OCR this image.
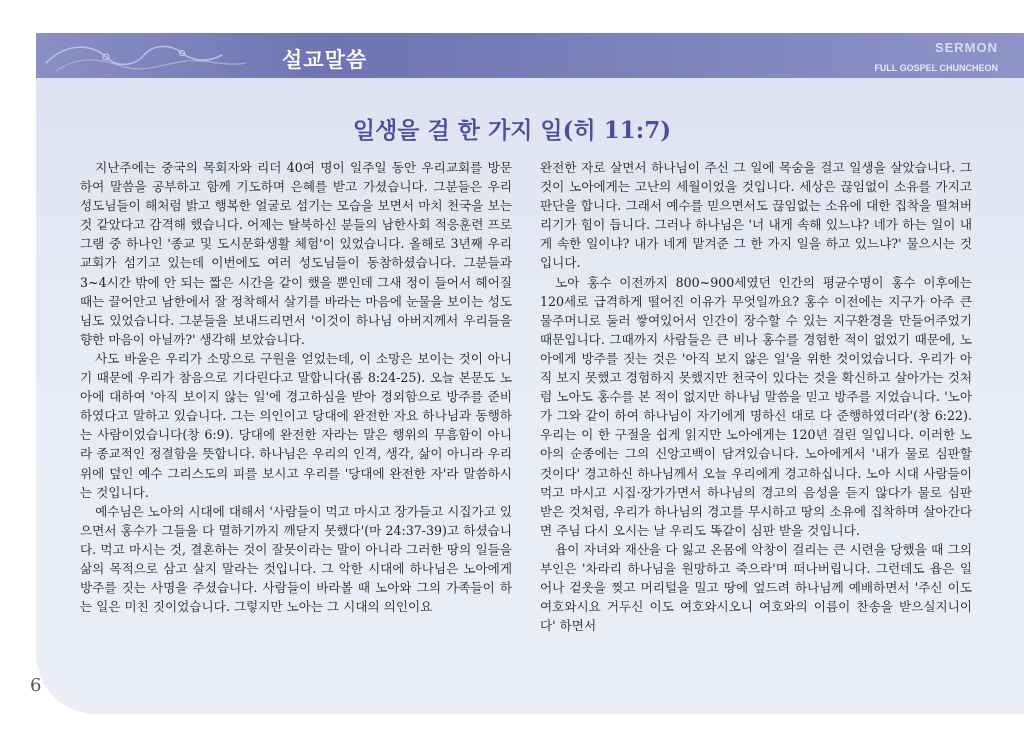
설교말씀
SERMON
FULL GOSPEL CHUNCHEON
일생을 걸 한 가지 일(히 11:7)

지난주에는 중국의 목회자와 리더 40여 명이 일주일 동안 우리교회를 방문하여 말씀을 공부하고 함께 기도하며 은혜를 받고 가셨습니다. 그분들은 우리 성도님들이 해처럼 밝고 행복한 얼굴로 섬기는 모습을 보면서 마치 천국을 보는 것 같았다고 감격해 했습니다. 어제는 탈북하신 분들의 남한사회 적응훈련 프로그램 중 하나인 '종교 및 도시문화생활 체험'이 있었습니다. 올해로 3년째 우리교회가 섬기고 있는데 이번에도 여러 성도님들이 동참하셨습니다. 그분들과 3~4시간 밖에 안 되는 짧은 시간을 같이 했을 뿐인데 그새 정이 들어서 헤어질 때는 끌어안고 남한에서 잘 정착해서 살기를 바라는 마음에 눈물을 보이는 성도님도 있었습니다. 그분들을 보내드리면서 '이것이 하나님 아버지께서 우리들을 향한 마음이 아닐까?' 생각해 보았습니다.

사도 바울은 우리가 소망으로 구원을 얻었는데, 이 소망은 보이는 것이 아니기 때문에 우리가 참음으로 기다린다고 말합니다(롬 8:24-25). 오늘 본문도 노아에 대하여 '아직 보이지 않는 일'에 경고하심을 받아 경외함으로 방주를 준비하였다고 말하고 있습니다. 그는 의인이고 당대에 완전한 자요 하나님과 동행하는 사람이었습니다(창 6:9). 당대에 완전한 자라는 말은 행위의 무흠함이 아니라 종교적인 정결함을 뜻합니다. 하나님은 우리의 인격, 생각, 삶이 아니라 우리 위에 덮인 예수 그리스도의 피를 보시고 우리를 '당대에 완전한 자'라 말씀하시는 것입니다.

예수님은 노아의 시대에 대해서 '사람들이 먹고 마시고 장가들고 시집가고 있으면서 홍수가 그들을 다 멸하기까지 깨닫지 못했다'(마 24:37-39)고 하셨습니다. 먹고 마시는 것, 결혼하는 것이 잘못이라는 말이 아니라 그러한 땅의 일들을 삶의 목적으로 삼고 살지 말라는 것입니다. 그 악한 시대에 하나님은 노아에게 방주를 짓는 사명을 주셨습니다. 사람들이 바라볼 때 노아와 그의 가족들이 하는 일은 미친 짓이었습니다. 그렇지만 노아는 그 시대의 의인이요

완전한 자로 살면서 하나님이 주신 그 일에 목숨을 걸고 일생을 살았습니다. 그것이 노아에게는 고난의 세월이었을 것입니다. 세상은 끊임없이 소유를 가지고 판단을 합니다. 그래서 예수를 믿으면서도 끊임없는 소유에 대한 집착을 떨쳐버리기가 힘이 듭니다. 그러나 하나님은 '너 내게 속해 있느냐? 네가 하는 일이 내게 속한 일이냐? 내가 네게 맡겨준 그 한 가지 일을 하고 있느냐?' 물으시는 것입니다.

노아 홍수 이전까지 800~900세였던 인간의 평균수명이 홍수 이후에는 120세로 급격하게 떨어진 이유가 무엇일까요? 홍수 이전에는 지구가 아주 큰 물주머니로 둘러 쌓여있어서 인간이 장수할 수 있는 지구환경을 만들어주었기 때문입니다. 그때까지 사람들은 큰 비나 홍수를 경험한 적이 없었기 때문에, 노아에게 방주를 짓는 것은 '아직 보지 않은 일'을 위한 것이었습니다. 우리가 아직 보지 못했고 경험하지 못했지만 천국이 있다는 것을 확신하고 살아가는 것처럼 노아도 홍수를 본 적이 없지만 하나님 말씀을 믿고 방주를 지었습니다. '노아가 그와 같이 하여 하나님이 자기에게 명하신 대로 다 준행하였더라'(창 6:22). 우리는 이 한 구절을 쉽게 읽지만 노아에게는 120년 걸린 일입니다. 이러한 노아의 순종에는 그의 신앙고백이 담겨있습니다. 노아에게서 '내가 물로 심판할 것이다' 경고하신 하나님께서 오늘 우리에게 경고하십니다. 노아 시대 사람들이 먹고 마시고 시집·장가가면서 하나님의 경고의 음성을 듣지 않다가 물로 심판 받은 것처럼, 우리가 하나님의 경고를 무시하고 땅의 소유에 집착하며 살아간다면 주님 다시 오시는 날 우리도 똑같이 심판 받을 것입니다.

욥이 자녀와 재산을 다 잃고 온몸에 악창이 걸리는 큰 시련을 당했을 때 그의 부인은 '차라리 하나님을 원망하고 죽으라'며 떠나버립니다. 그런데도 욥은 일어나 겉옷을 찢고 머리털을 밀고 땅에 엎드려 하나님께 예배하면서 '주신 이도 여호와시요 거두신 이도 여호와시오니 여호와의 이름이 찬송을 받으실지니이다' 하면서

6
